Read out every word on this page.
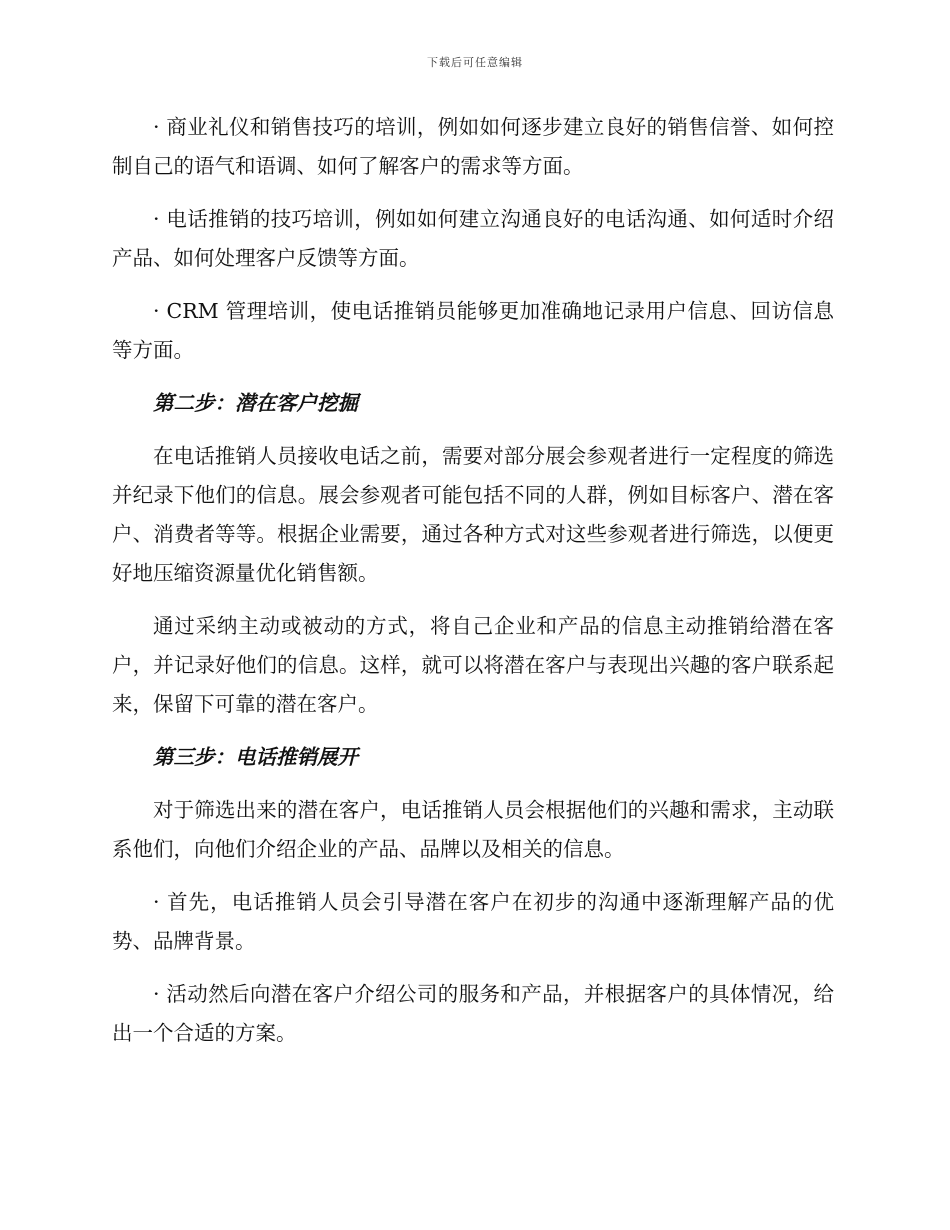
下载后可任意编辑

· 商业礼仪和销售技巧的培训，例如如何逐步建立良好的销售信誉、如何控制自己的语气和语调、如何了解客户的需求等方面。

· 电话推销的技巧培训，例如如何建立沟通良好的电话沟通、如何适时介绍产品、如何处理客户反馈等方面。

· CRM 管理培训，使电话推销员能够更加准确地记录用户信息、回访信息等方面。

第二步：潜在客户挖掘

在电话推销人员接收电话之前，需要对部分展会参观者进行一定程度的筛选并纪录下他们的信息。展会参观者可能包括不同的人群，例如目标客户、潜在客户、消费者等等。根据企业需要，通过各种方式对这些参观者进行筛选，以便更好地压缩资源量优化销售额。

通过采纳主动或被动的方式，将自己企业和产品的信息主动推销给潜在客户，并记录好他们的信息。这样，就可以将潜在客户与表现出兴趣的客户联系起来，保留下可靠的潜在客户。

第三步：电话推销展开

对于筛选出来的潜在客户，电话推销人员会根据他们的兴趣和需求，主动联系他们，向他们介绍企业的产品、品牌以及相关的信息。

· 首先，电话推销人员会引导潜在客户在初步的沟通中逐渐理解产品的优势、品牌背景。

· 活动然后向潜在客户介绍公司的服务和产品，并根据客户的具体情况，给出一个合适的方案。
